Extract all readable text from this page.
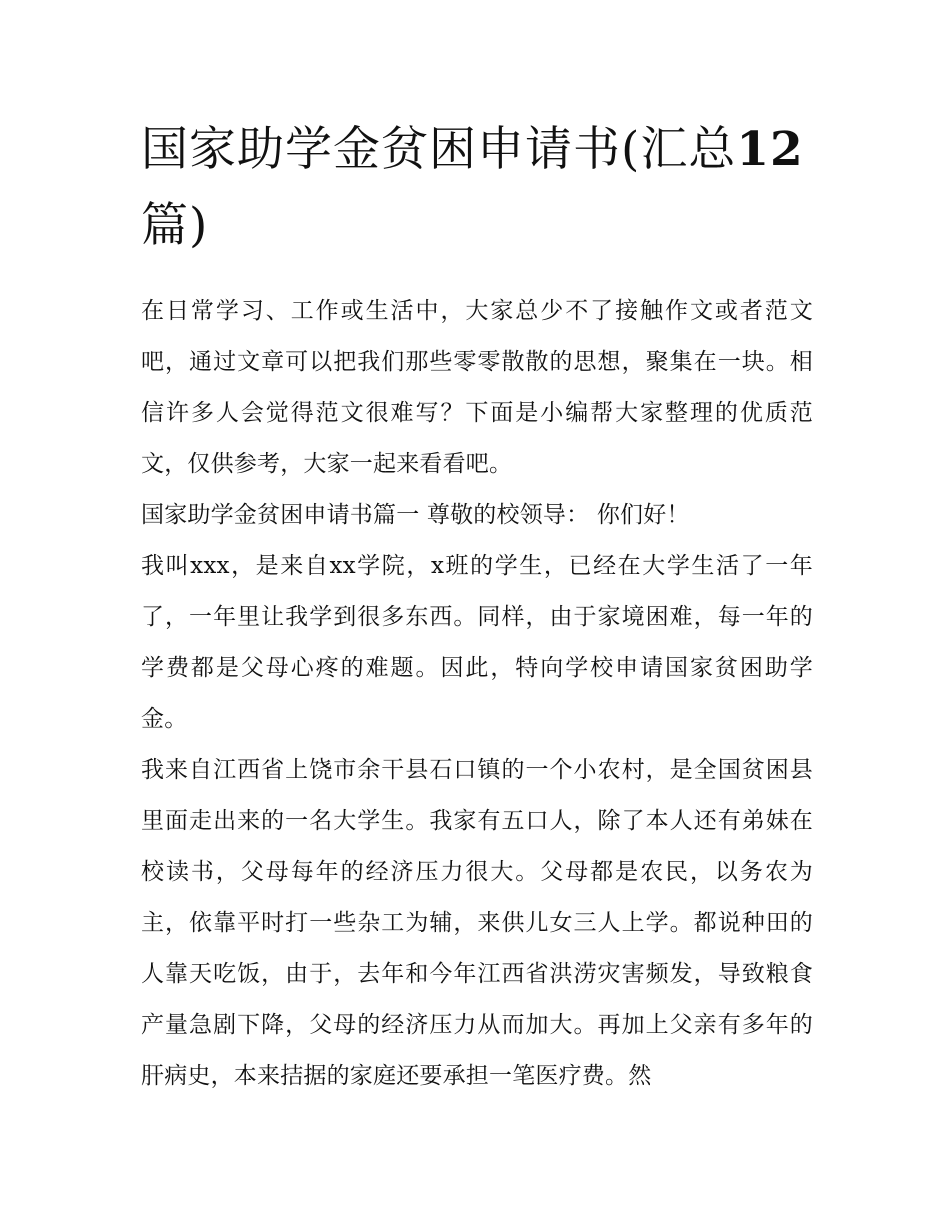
国家助学金贫困申请书(汇总12篇)

在日常学习、工作或生活中，大家总少不了接触作文或者范文吧，通过文章可以把我们那些零零散散的思想，聚集在一块。相信许多人会觉得范文很难写？下面是小编帮大家整理的优质范文，仅供参考，大家一起来看看吧。

国家助学金贫困申请书篇一 尊敬的校领导： 你们好！

我叫xxx，是来自xx学院，x班的学生，已经在大学生活了一年了，一年里让我学到很多东西。同样，由于家境困难，每一年的学费都是父母心疼的难题。因此，特向学校申请国家贫困助学金。

我来自江西省上饶市余干县石口镇的一个小农村，是全国贫困县里面走出来的一名大学生。我家有五口人，除了本人还有弟妹在校读书，父母每年的经济压力很大。父母都是农民，以务农为主，依靠平时打一些杂工为辅，来供儿女三人上学。都说种田的人靠天吃饭，由于，去年和今年江西省洪涝灾害频发，导致粮食产量急剧下降，父母的经济压力从而加大。再加上父亲有多年的肝病史，本来拮据的家庭还要承担一笔医疗费。然
